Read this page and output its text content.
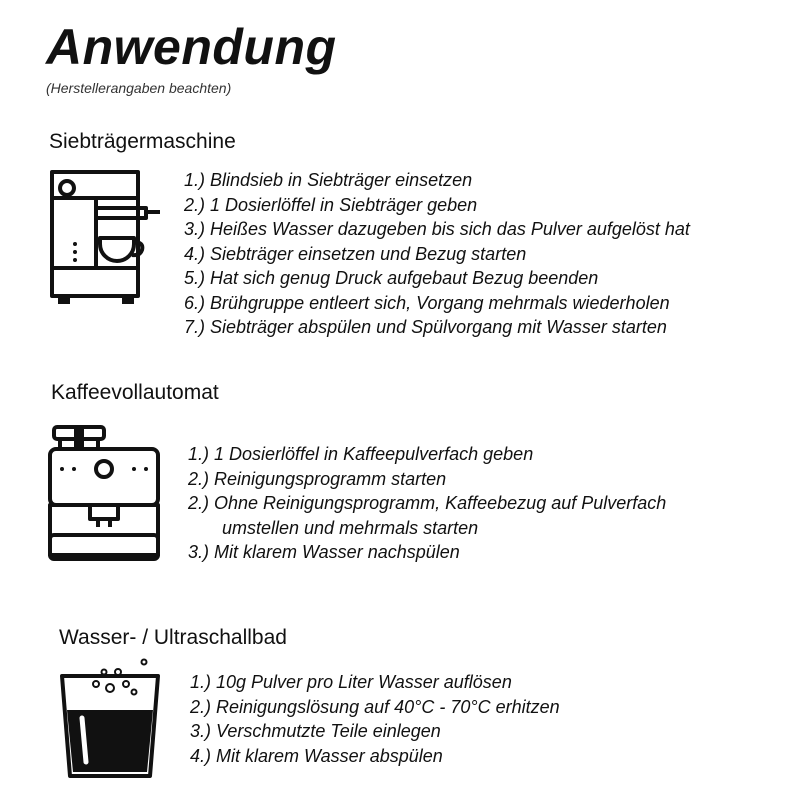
Anwendung
(Herstellerangaben beachten)
Siebträgermaschine
1.) Blindsieb in Siebträger einsetzen
2.) 1 Dosierlöffel in Siebträger geben
3.) Heißes Wasser dazugeben bis sich das Pulver aufgelöst hat
4.) Siebträger einsetzen und Bezug starten
5.) Hat sich genug Druck aufgebaut Bezug beenden
6.) Brühgruppe entleert sich, Vorgang mehrmals wiederholen
7.) Siebträger abspülen und Spülvorgang mit Wasser starten
Kaffeevollautomat
1.) 1 Dosierlöffel in Kaffeepulverfach geben
2.) Reinigungsprogramm starten
2.) Ohne Reinigungsprogramm, Kaffeebezug auf Pulverfach
umstellen und mehrmals starten
3.) Mit klarem Wasser nachspülen
Wasser- / Ultraschallbad
1.) 10g Pulver pro Liter Wasser auflösen
2.) Reinigungslösung auf 40°C - 70°C erhitzen
3.) Verschmutzte Teile einlegen
4.) Mit klarem Wasser abspülen
